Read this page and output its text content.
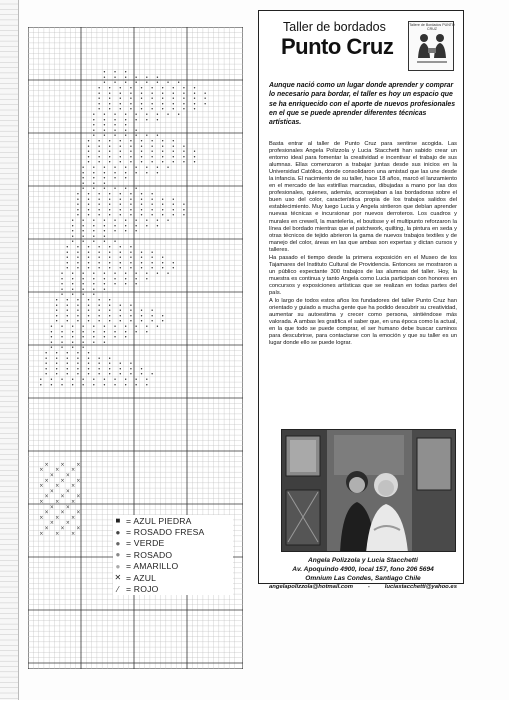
• • •
• • • • • •
• • • • • • • •
• • • • • • • • • •
• • • • • • • • • • •
• • • • • • • • • • •
• • • • • • • • • • •
• • • • • • • • • •
• • • • • • • • •
• • • • • • •
• • • •
• • • • •
• • • • • • •
• • • • • • • • •
• • • • • • • • • •
• • • • • • • • • • •
• • • • • • • • • • •
• • • • • • • • • • •
• • • • • • • • •
• • • • • • • •
• • • • •
• • •
• • • • • •
• • • • • • • •
• • • • • • • • • •
• • • • • • • • • • •
• • • • • • • • • • •
• • • • • • • • • • •
• • • • • • • • • •
• • • • • • • • •
• • • • • • •
• • • •
• • • • •
• • • • • • •
• • • • • • • • •
• • • • • • • • • •
• • • • • • • • • • •
• • • • • • • • • • •
• • • • • • • • • • •
• • • • • • • • •
• • • • • • • •
• • • • •
• • • •
• • • • • •
• • • • • • • •
• • • • • • • • • •
• • • • • • • • • • •
• • • • • • • • • • •
• • • • • • • • • • •
• • • • • • • • • •
• • • • • • • •
• • • • • •
• • • •
• • • • •
• • • • • • •
• • • • • • • • •
• • • • • • • • • •
• • • • • • • • • • •
• • • • • • • • • • •
• • • • • • • • • • •
× × ×
× × ×
× ×
× × ×
× × ×
× ×
× × ×
× × ×
× ×
× × ×
× × ×
× ×
× × ×
× × ×
■ = AZUL PIEDRA
● = ROSADO FRESA
● = VERDE
● = ROSADO
● = AMARILLO
✕ = AZUL
⁄ = ROJO
Taller de bordados
Punto Cruz
Tallere de Bordados PUNTO CRUZ
Aunque nació como un lugar donde aprender y comprar lo necesario para bordar, el taller es hoy un espacio que se ha enriquecido con el aporte de nuevos profesionales en el que se puede aprender diferentes técnicas artísticas.

Basta entrar al taller de Punto Cruz para sentirse acogida. Las profesionales Angela Polizzola y Lucia Stacchetti han sabido crear un entorno ideal para fomentar la creatividad e incentivar el trabajo de sus alumnas. Ellas comenzaron a trabajar juntas desde sus inicios en la Universidad Católica, donde consolidaron una amistad que las une desde la infancia. El nacimiento de su taller, hace 18 años, marcó el lanzamiento en el mercado de las estirillas marcadas, dibujadas a mano por las dos profesionales, quienes, además, aconsejaban a las bordadoras sobre el buen uso del color, característica propia de los trabajos salidos del establecimiento. Muy luego Lucia y Angela sintieron que debían aprender nuevas técnicas e incursionar por nuevos derroteros. Los cuadros y murales en crewell, la mantelería, el boutisse y el multipunto reforzaron la línea del bordado mientras que el patchwork, quilting, la pintura en seda y otras técnicos de tejido abrieron la gama de nuevos trabajos textiles y de manejo del color, áreas en las que ambas son expertas y dictan cursos y talleres.

Ha pasado el tiempo desde la primera exposición en el Museo de los Tajamares del Instituto Cultural de Providencia. Entonces se mostraron a un público expectante 300 trabajos de las alumnas del taller. Hoy, la muestra es continua y tanto Angela como Lucia participan con honores en concursos y exposiciones artísticas que se realizan en todas partes del país.

A lo largo de todos estos años los fundadores del taller Punto Cruz han orientado y guiado a mucha gente que ha podido descubrir su creatividad, aumentar su autoestima y crecer como persona, sintiéndose más valorada. A ambas les gratifica el saber que, en una época como la actual, en la que todo se puede comprar, el ser humano debe buscar caminos para descubrirse, para contactarse con la emoción y que su taller es un lugar donde ello se puede lograr.

Angela Polizzola y Lucia Stacchetti
Av. Apoquindo 4900, local 157, fono 206 5694
Omnium Las Condes, Santiago Chile
angelapolizzola@hotmail.com	-	luciastacchetti@yahoo.es
